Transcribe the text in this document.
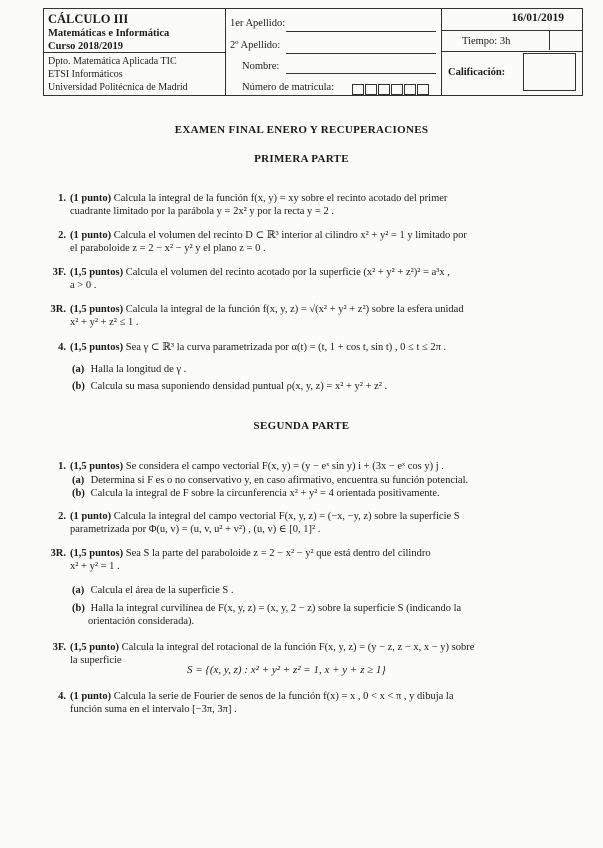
CÁLCULO III
Matemáticas e Informática
Curso 2018/2019
Dpto. Matemática Aplicada TIC
ETSI Informáticos
Universidad Politécnica de Madrid
1er Apellido:
2º Apellido:
Nombre:
Número de matrícula:
16/01/2019
Tiempo: 3h
Calificación:
EXAMEN FINAL ENERO Y RECUPERACIONES
PRIMERA PARTE
1. (1 punto) Calcula la integral de la función f(x, y) = xy sobre el recinto acotado del primer
cuadrante limitado por la parábola y = 2x² y por la recta y = 2 .
2. (1 punto) Calcula el volumen del recinto D ⊂ ℝ³ interior al cilindro x² + y² = 1 y limitado por
el paraboloide z = 2 − x² − y² y el plano z = 0 .
3F. (1,5 puntos) Calcula el volumen del recinto acotado por la superficie (x² + y² + z²)² = a³x ,
a > 0 .
3R. (1,5 puntos) Calcula la integral de la función f(x, y, z) = √(x² + y² + z²) sobre la esfera unidad
x² + y² + z² ≤ 1 .
4. (1,5 puntos) Sea γ ⊂ ℝ³ la curva parametrizada por α(t) = (t, 1 + cos t, sin t) , 0 ≤ t ≤ 2π .
(a) Halla la longitud de γ .
(b) Calcula su masa suponiendo densidad puntual ρ(x, y, z) = x² + y² + z² .
SEGUNDA PARTE
1. (1,5 puntos) Se considera el campo vectorial F(x, y) = (y − eˣ sin y) i + (3x − eˣ cos y) j .
(a) Determina si F es o no conservativo y, en caso afirmativo, encuentra su función potencial.
(b) Calcula la integral de F sobre la circunferencia x² + y² = 4 orientada positivamente.
2. (1 punto) Calcula la integral del campo vectorial F(x, y, z) = (−x, −y, z) sobre la superficie S
parametrizada por Φ(u, v) = (u, v, u² + v²) , (u, v) ∈ [0, 1]² .
3R. (1,5 puntos) Sea S la parte del paraboloide z = 2 − x² − y² que está dentro del cilindro
x² + y² = 1 .
(a) Calcula el área de la superficie S .
(b) Halla la integral curvilínea de F(x, y, z) = (x, y, 2 − z) sobre la superficie S (indicando la
orientación considerada).
3F. (1,5 punto) Calcula la integral del rotacional de la función F(x, y, z) = (y − z, z − x, x − y) sobre
la superficie
S = {(x, y, z) : x² + y² + z² = 1, x + y + z ≥ 1}
4. (1 punto) Calcula la serie de Fourier de senos de la función f(x) = x , 0 < x < π , y dibuja la
función suma en el intervalo [−3π, 3π] .
